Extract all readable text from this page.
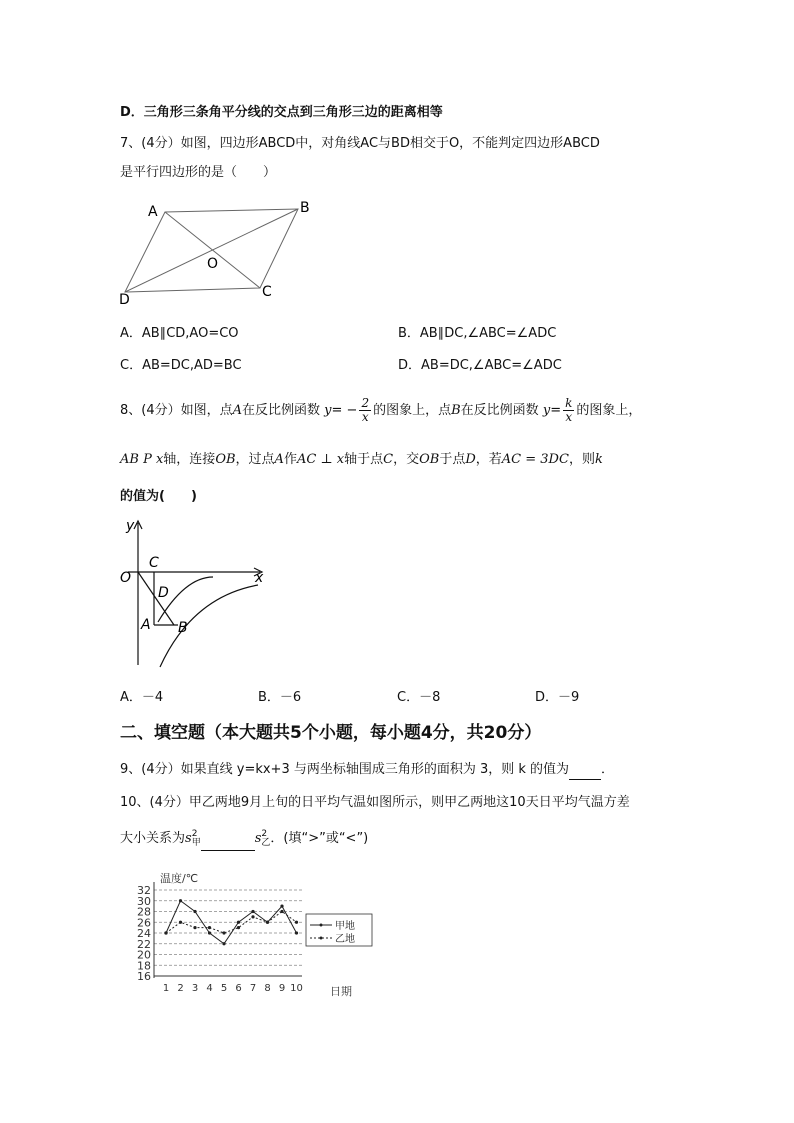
D．三角形三条角平分线的交点到三角形三边的距离相等
7、(4分）如图，四边形ABCD中，对角线AC与BD相交于O，不能判定四边形ABCD
是平行四边形的是（　　）
A	B
O
C
D
A．AB∥CD,AO=CO	B．AB∥DC,∠ABC=∠ADC
C．AB=DC,AD=BC	D．AB=DC,∠ABC=∠ADC
8、(4分）如图，点A在反比例函数 $y= - \frac{2}{x}$ 的图象上，点B在反比例函数 $y= \frac{k}{x}$ 的图象上，
AB P x轴，连接OB，过点A作AC ⊥ x轴于点C，交OB于点D，若AC = 3DC，则k
的值为(　　)
y
x
O
C
D
A B
A．－4	B．－6	C．－8	D．－9
二、填空题（本大题共5个小题，每小题4分，共20分）
9、(4分）如果直线 y=kx+3 与两坐标轴围成三角形的面积为 3，则 k 的值为 ．
10、(4分）甲乙两地9月上旬的日平均气温如图所示，则甲乙两地这10天日平均气温方差
大小关系为s 2
甲	s 2
乙 ．(填“>”或“<”)
温度/℃
日期
16
18
20
22
24
26
28
30
32
1 2 3 4 5 6 7 8 9 10
甲地
乙地
